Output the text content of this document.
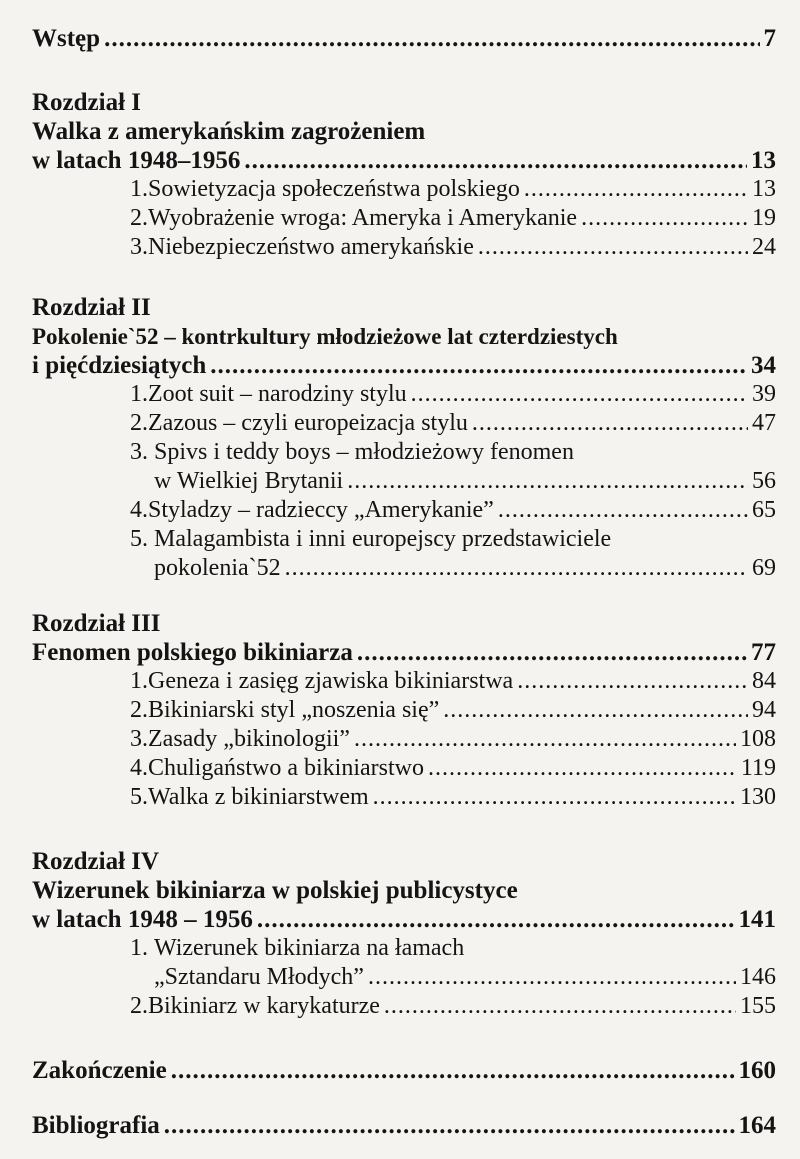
Wstęp .....	7
Rozdział I
Walka z amerykańskim zagrożeniem
w latach 1948–1956 .....	13
1. Sowietyzacja społeczeństwa polskiego .....	13
2. Wyobrażenie wroga: Ameryka i Amerykanie .....	19
3. Niebezpieczeństwo amerykańskie .....	24
Rozdział II
Pokolenie`52 – kontrkultury młodzieżowe lat czterdziestych
i pięćdziesiątych .....	34
1. Zoot suit – narodziny stylu .....	39
2. Zazous – czyli europeizacja stylu .....	47
3. Spivs i teddy boys – młodzieżowy fenomen
w Wielkiej Brytanii .....	56
4. Styladzy – radzieccy „Amerykanie” .....	65
5. Malagambista i inni europejscy przedstawiciele
pokolenia`52 .....	69
Rozdział III
Fenomen polskiego bikiniarza .....	77
1. Geneza i zasięg zjawiska bikiniarstwa .....	84
2. Bikiniarski styl „noszenia się” .....	94
3. Zasady „bikinologii” .....	108
4. Chuligaństwo a bikiniarstwo .....	119
5. Walka z bikiniarstwem .....	130
Rozdział IV
Wizerunek bikiniarza w polskiej publicystyce
w latach 1948 – 1956 .....	141
1. Wizerunek bikiniarza na łamach
„Sztandaru Młodych” .....	146
2. Bikiniarz w karykaturze .....	155
Zakończenie .....	160
Bibliografia .....	164
